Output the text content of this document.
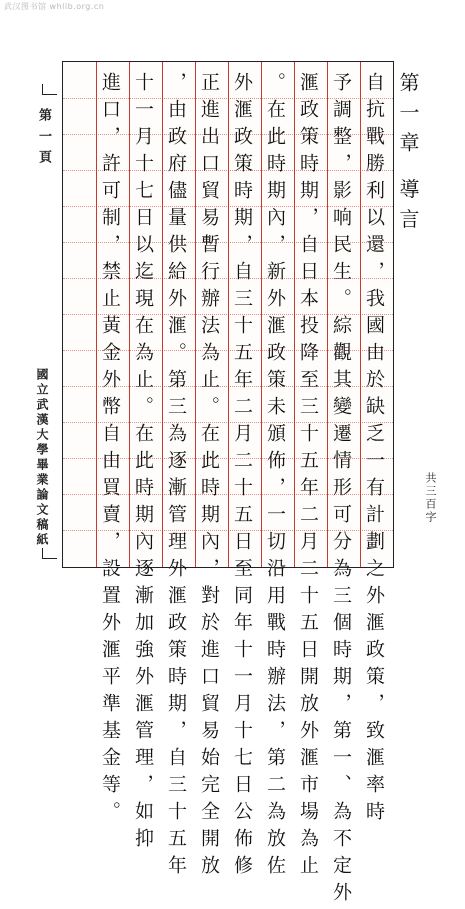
武汉图书馆 whlib.org.cn
自抗戰勝利以還，我國由於缺乏一有計劃之外滙政策，致滙率時
予調整，影响民生。綜觀其變遷情形可分為三個時期，第一、為不定外
滙政策時期，自日本投降至三十五年二月二十五日開放外滙市場為止
。在此時期內，新外滙政策未頒佈，一切沿用戰時辦法，第二為放佐
外滙政策時期，自三十五年二月二十五日至同年十一月十七日公佈修
正進出口貿易暫行辦法為止。在此時期內，對於進口貿易始完全開放
，由政府儘量供給外滙。第三為逐漸管理外滙政策時期，自三十五年
十一月十七日以迄現在為止。在此時期內逐漸加強外滙管理，如抑
進口，許可制，禁止黃金外幣自由買賣，設置外滙平準基金等。	第一章 導言
第一頁
國立武漢大學畢業論文稿紙	共三百字
